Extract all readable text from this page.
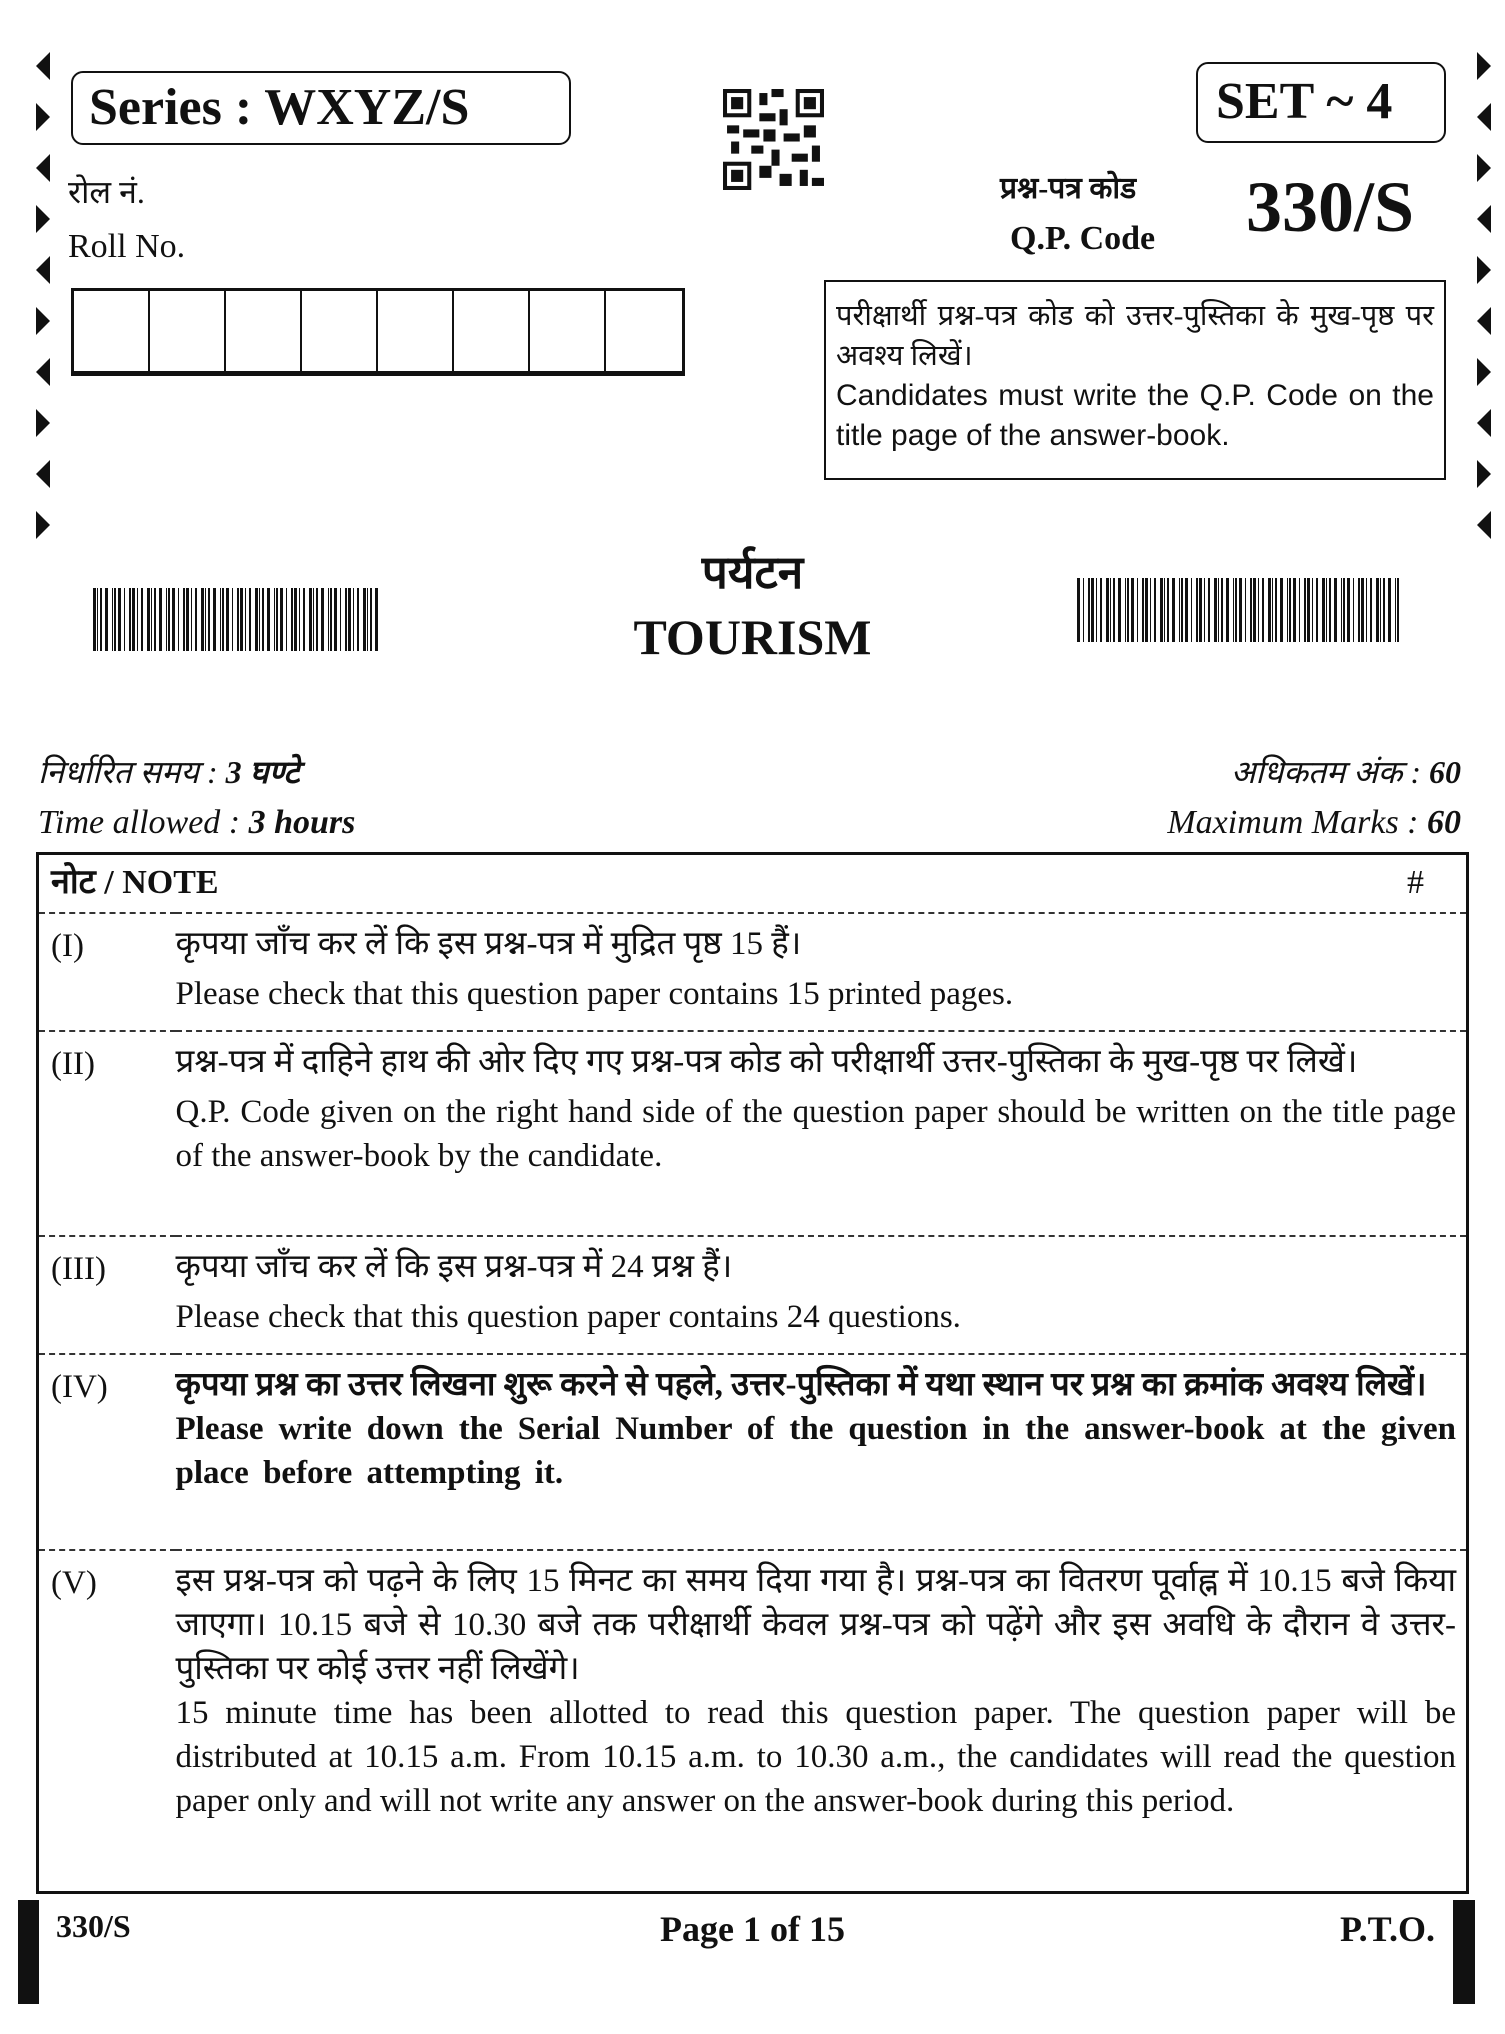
Series : WXYZ/S	SET ~ 4
रोल नं.
Roll No.
प्रश्न-पत्र कोड
Q.P. Code 330/S
परीक्षार्थी प्रश्न-पत्र कोड को उत्तर-पुस्तिका के मुख-पृष्ठ पर अवश्य लिखें।
Candidates must write the Q.P. Code on the title page of the answer-book.
पर्यटन
TOURISM
निर्धारित समय : 3 घण्टे
Time allowed : 3 hours
अधिकतम अंक : 60
Maximum Marks : 60
नोट / NOTE #	

(I)	कृपया जाँच कर लें कि इस प्रश्न-पत्र में मुद्रित पृष्ठ 15 हैं।
Please check that this question paper contains 15 printed pages.

(II)	प्रश्न-पत्र में दाहिने हाथ की ओर दिए गए प्रश्न-पत्र कोड को परीक्षार्थी उत्तर-पुस्तिका के मुख-पृष्ठ पर लिखें।
Q.P. Code given on the right hand side of the question paper should be written on the title page of the answer-book by the candidate.

(III)	कृपया जाँच कर लें कि इस प्रश्न-पत्र में 24 प्रश्न हैं।
Please check that this question paper contains 24 questions.

(IV)	कृपया प्रश्न का उत्तर लिखना शुरू करने से पहले, उत्तर-पुस्तिका में यथा स्थान पर प्रश्न का क्रमांक अवश्य लिखें।
Please write down the Serial Number of the question in the answer-book at the given place before attempting it.

(V)	इस प्रश्न-पत्र को पढ़ने के लिए 15 मिनट का समय दिया गया है। प्रश्न-पत्र का वितरण पूर्वाह्न में 10.15 बजे किया जाएगा। 10.15 बजे से 10.30 बजे तक परीक्षार्थी केवल प्रश्न-पत्र को पढ़ेंगे और इस अवधि के दौरान वे उत्तर-पुस्तिका पर कोई उत्तर नहीं लिखेंगे।
15 minute time has been allotted to read this question paper. The question paper will be distributed at 10.15 a.m. From 10.15 a.m. to 10.30 a.m., the candidates will read the question paper only and will not write any answer on the answer-book during this period.
330/S	Page 1 of 15	P.T.O.
